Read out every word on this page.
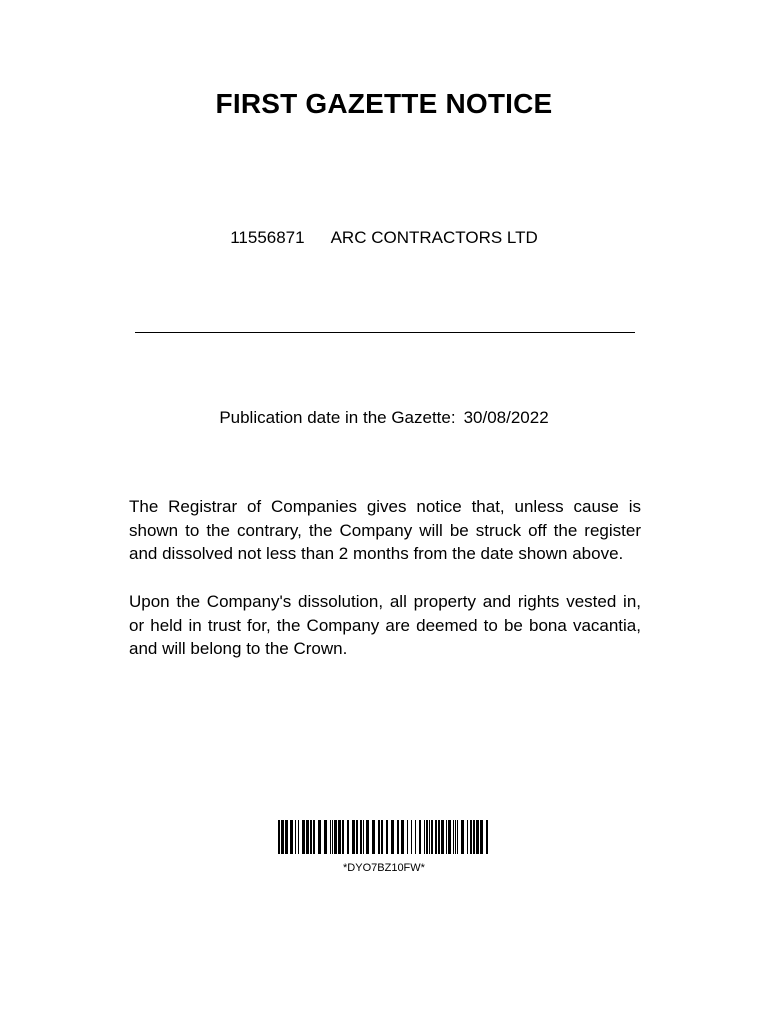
FIRST GAZETTE NOTICE
11556871 ARC CONTRACTORS LTD
Publication date in the Gazette: 30/08/2022
The Registrar of Companies gives notice that, unless cause is shown to the contrary, the Company will be struck off the register and dissolved not less than 2 months from the date shown above.
Upon the Company's dissolution, all property and rights vested in, or held in trust for, the Company are deemed to be bona vacantia, and will belong to the Crown.
*DYO7BZ10FW*
